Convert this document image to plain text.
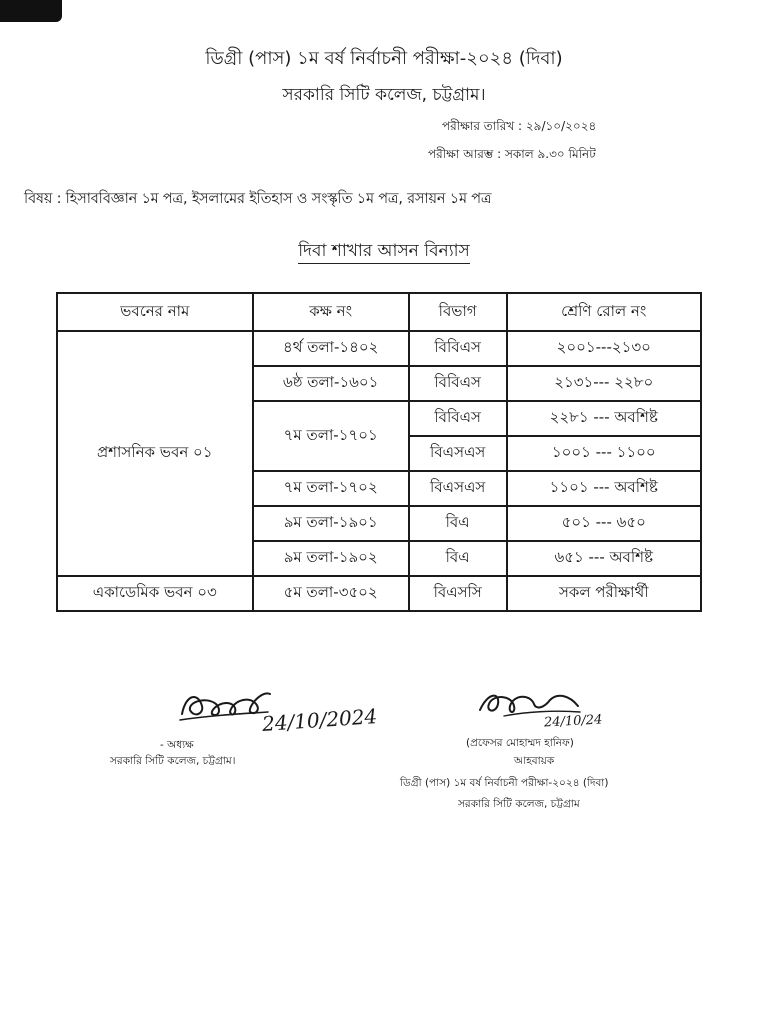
ডিগ্রী (পাস) ১ম বর্ষ নির্বাচনী পরীক্ষা-২০২৪ (দিবা)
সরকারি সিটি কলেজ, চট্টগ্রাম।
পরীক্ষার তারিখ : ২৯/১০/২০২৪
পরীক্ষা আরম্ভ : সকাল ৯.৩০ মিনিট
বিষয় : হিসাববিজ্ঞান ১ম পত্র, ইসলামের ইতিহাস ও সংস্কৃতি ১ম পত্র, রসায়ন ১ম পত্র
দিবা শাখার আসন বিন্যাস
ভবনের নাম	কক্ষ নং	বিভাগ	শ্রেণি রোল নং
প্রশাসনিক ভবন ০১	৪র্থ তলা-১৪০২	বিবিএস	২০০১---২১৩০
	৬ষ্ঠ তলা-১৬০১	বিবিএস	২১৩১--- ২২৮০
	৭ম তলা-১৭০১	বিবিএস	২২৮১ --- অবশিষ্ট
		বিএসএস	১০০১ --- ১১০০
	৭ম তলা-১৭০২	বিএসএস	১১০১ --- অবশিষ্ট
	৯ম তলা-১৯০১	বিএ	৫০১ --- ৬৫০
	৯ম তলা-১৯০২	বিএ	৬৫১ --- অবশিষ্ট
একাডেমিক ভবন ০৩	৫ম তলা-৩৫০২	বিএসসি	সকল পরীক্ষার্থী
24/10/2024
- অধ্যক্ষ
সরকারি সিটি কলেজ, চট্টগ্রাম।
24/10/24
(প্রফেসর মোহাম্মদ হানিফ)
আহবায়ক
ডিগ্রী (পাস) ১ম বর্ষ নির্বাচনী পরীক্ষা-২০২৪ (দিবা)
সরকারি সিটি কলেজ, চট্টগ্রাম
